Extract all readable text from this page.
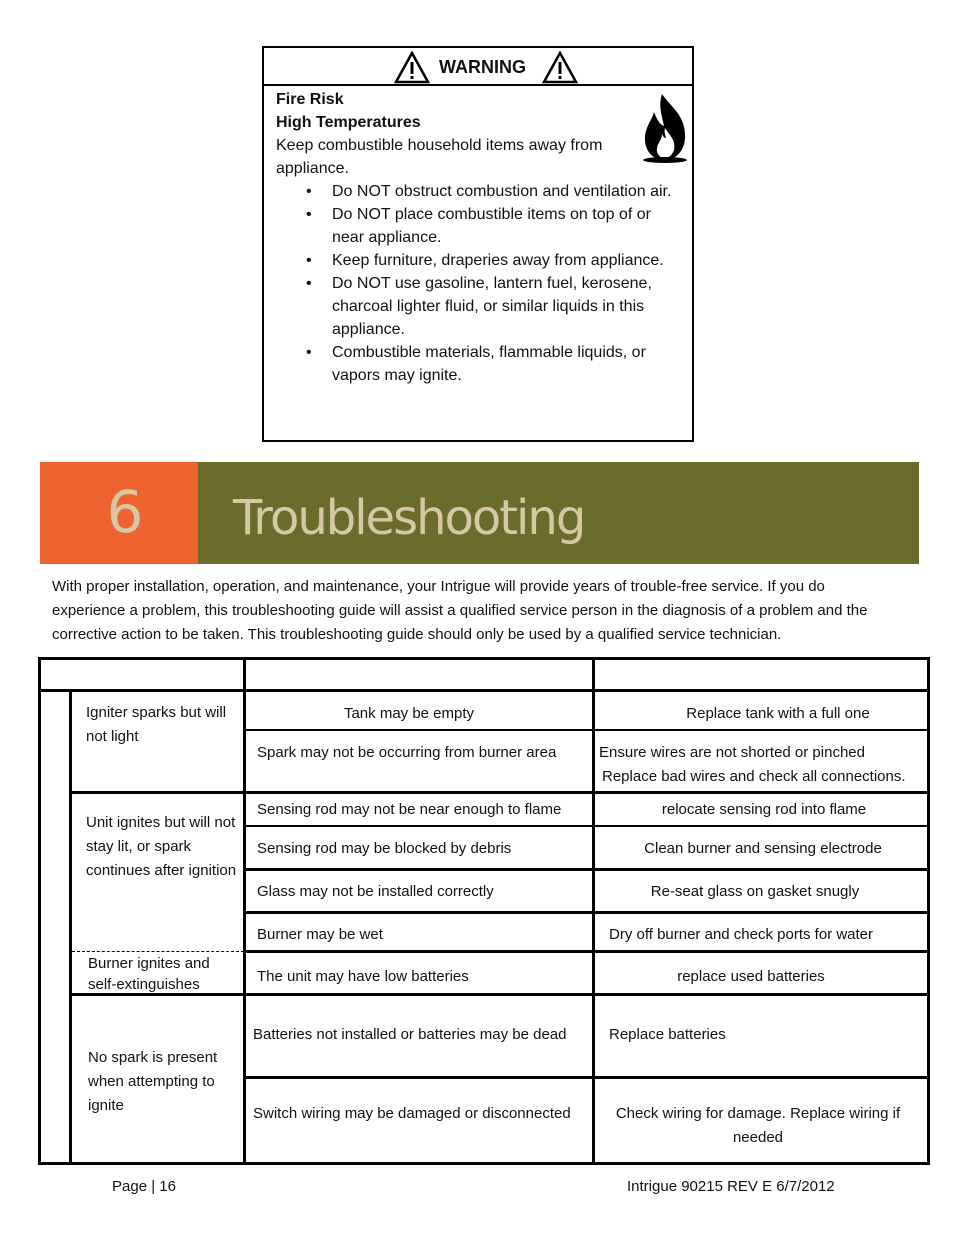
WARNING
Fire Risk
High Temperatures
Keep combustible household items away from appliance.
• Do NOT obstruct combustion and ventilation air.
• Do NOT place combustible items on top of or near appliance.
• Keep furniture, draperies away from appliance.
• Do NOT use gasoline, lantern fuel, kerosene, charcoal lighter fluid, or similar liquids in this appliance.
• Combustible materials, flammable liquids, or vapors may ignite.
6	Troubleshooting
With proper installation, operation, and maintenance, your Intrigue will provide years of trouble-free service. If you do experience a problem, this troubleshooting guide will assist a qualified service person in the diagnosis of a problem and the corrective action to be taken. This troubleshooting guide should only be used by a qualified service technician.
Igniter sparks but will not light
Unit ignites but will not stay lit, or spark continues after ignition
Burner ignites and self-extinguishes
No spark is present when attempting to ignite
Tank may be empty
Spark may not be occurring from burner area
Sensing rod may not be near enough to flame
Sensing rod may be blocked by debris
Glass may not be installed correctly
Burner may be wet
The unit may have low batteries
Batteries not installed or batteries may be dead
Switch wiring may be damaged or disconnected
Replace tank with a full one
Ensure wires are not shorted or pinched
Replace bad wires and check all connections.
relocate sensing rod into flame
Clean burner and sensing electrode
Re-seat glass on gasket snugly
Dry off burner and check ports for water
replace used batteries
Replace batteries
Check wiring for damage. Replace wiring if needed
Page | 16	Intrigue 90215 REV E 6/7/2012
